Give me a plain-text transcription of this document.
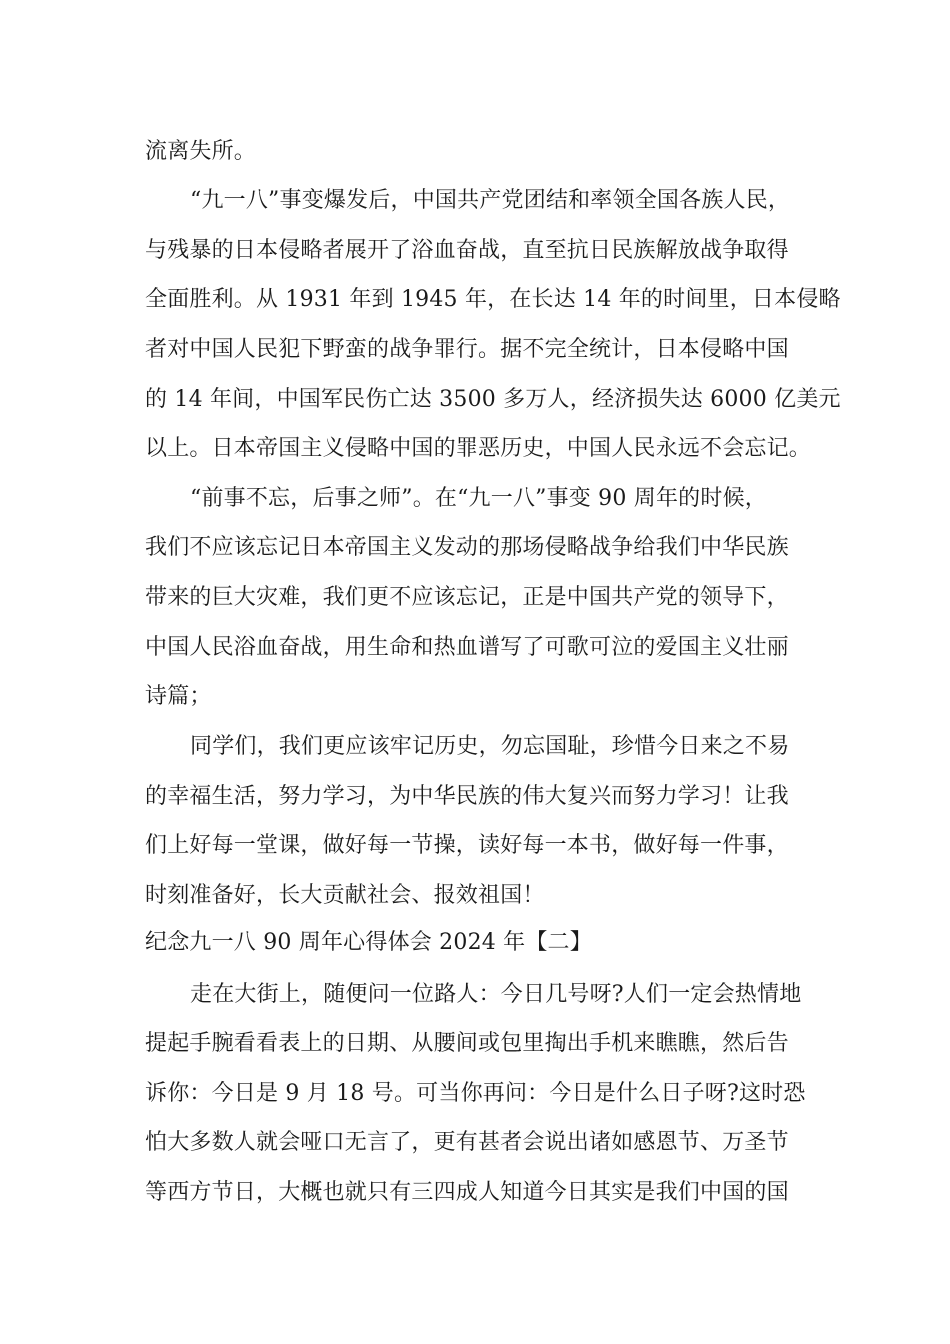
流离失所。
“九一八”事变爆发后，中国共产党团结和率领全国各族人民，
与残暴的日本侵略者展开了浴血奋战，直至抗日民族解放战争取得
全面胜利。从 1931 年到 1945 年，在长达 14 年的时间里，日本侵略
者对中国人民犯下野蛮的战争罪行。据不完全统计，日本侵略中国
的 14 年间，中国军民伤亡达 3500 多万人，经济损失达 6000 亿美元
以上。日本帝国主义侵略中国的罪恶历史，中国人民永远不会忘记。
“前事不忘，后事之师”。在“九一八”事变 90 周年的时候，
我们不应该忘记日本帝国主义发动的那场侵略战争给我们中华民族
带来的巨大灾难，我们更不应该忘记，正是中国共产党的领导下，
中国人民浴血奋战，用生命和热血谱写了可歌可泣的爱国主义壮丽
诗篇；
同学们，我们更应该牢记历史，勿忘国耻，珍惜今日来之不易
的幸福生活，努力学习，为中华民族的伟大复兴而努力学习！让我
们上好每一堂课，做好每一节操，读好每一本书，做好每一件事，
时刻准备好，长大贡献社会、报效祖国！
纪念九一八 90 周年心得体会 2024 年【二】
走在大街上，随便问一位路人：今日几号呀?人们一定会热情地
提起手腕看看表上的日期、从腰间或包里掏出手机来瞧瞧，然后告
诉你：今日是 9 月 18 号。可当你再问：今日是什么日子呀?这时恐
怕大多数人就会哑口无言了，更有甚者会说出诸如感恩节、万圣节
等西方节日，大概也就只有三四成人知道今日其实是我们中国的国
